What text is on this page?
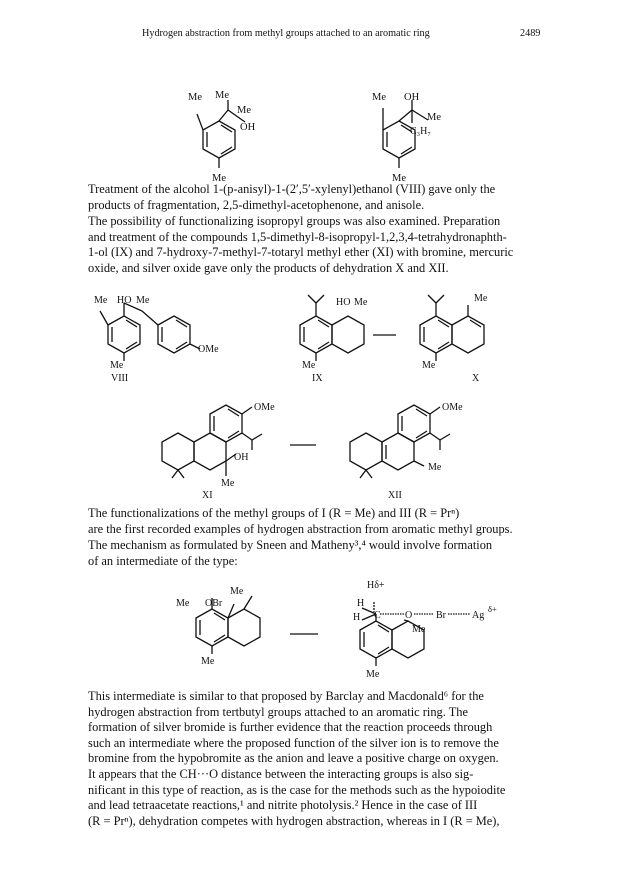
Hydrogen abstraction from methyl groups attached to an aromatic ring	2489
Me Me
Me
OH
Me
Me OH
Me
C₃H₇
Me

Treatment of the alcohol 1-(p-anisyl)-1-(2′,5′-xylenyl)ethanol (VIII) gave only the
products of fragmentation, 2,5-dimethyl-acetophenone, and anisole.

The possibility of functionalizing isopropyl groups was also examined. Preparation
and treatment of the compounds 1,5-dimethyl-8-isopropyl-1,2,3,4-tetrahydronaphth-
1-ol (IX) and 7-hydroxy-7-methyl-7-totaryl methyl ether (XI) with bromine, mercuric
oxide, and silver oxide gave only the products of dehydration X and XII.

Me HO Me
OMe
Me
VIII
HO Me
Me
IX
Me
Me
X
OMe
OH
Me
XI
OMe
Me
XII

The functionalizations of the methyl groups of I (R = Me) and III (R = Prⁿ)
are the first recorded examples of hydrogen abstraction from aromatic methyl groups.

The mechanism as formulated by Sneen and Matheny³,⁴ would involve formation
of an intermediate of the type:

Me OBr
Me
Me
Hδ+
H
H C O Br	Ag
δ+
Me
Me

This intermediate is similar to that proposed by Barclay and Macdonald⁶ for the
hydrogen abstraction from tertbutyl groups attached to an aromatic ring. The
formation of silver bromide is further evidence that the reaction proceeds through
such an intermediate where the proposed function of the silver ion is to remove the
bromine from the hypobromite as the anion and leave a positive charge on oxygen.

It appears that the CH···O distance between the interacting groups is also sig-
nificant in this type of reaction, as is the case for the methods such as the hypoiodite
and lead tetraacetate reactions,¹ and nitrite photolysis.² Hence in the case of III
(R = Prⁿ), dehydration competes with hydrogen abstraction, whereas in I (R = Me),
